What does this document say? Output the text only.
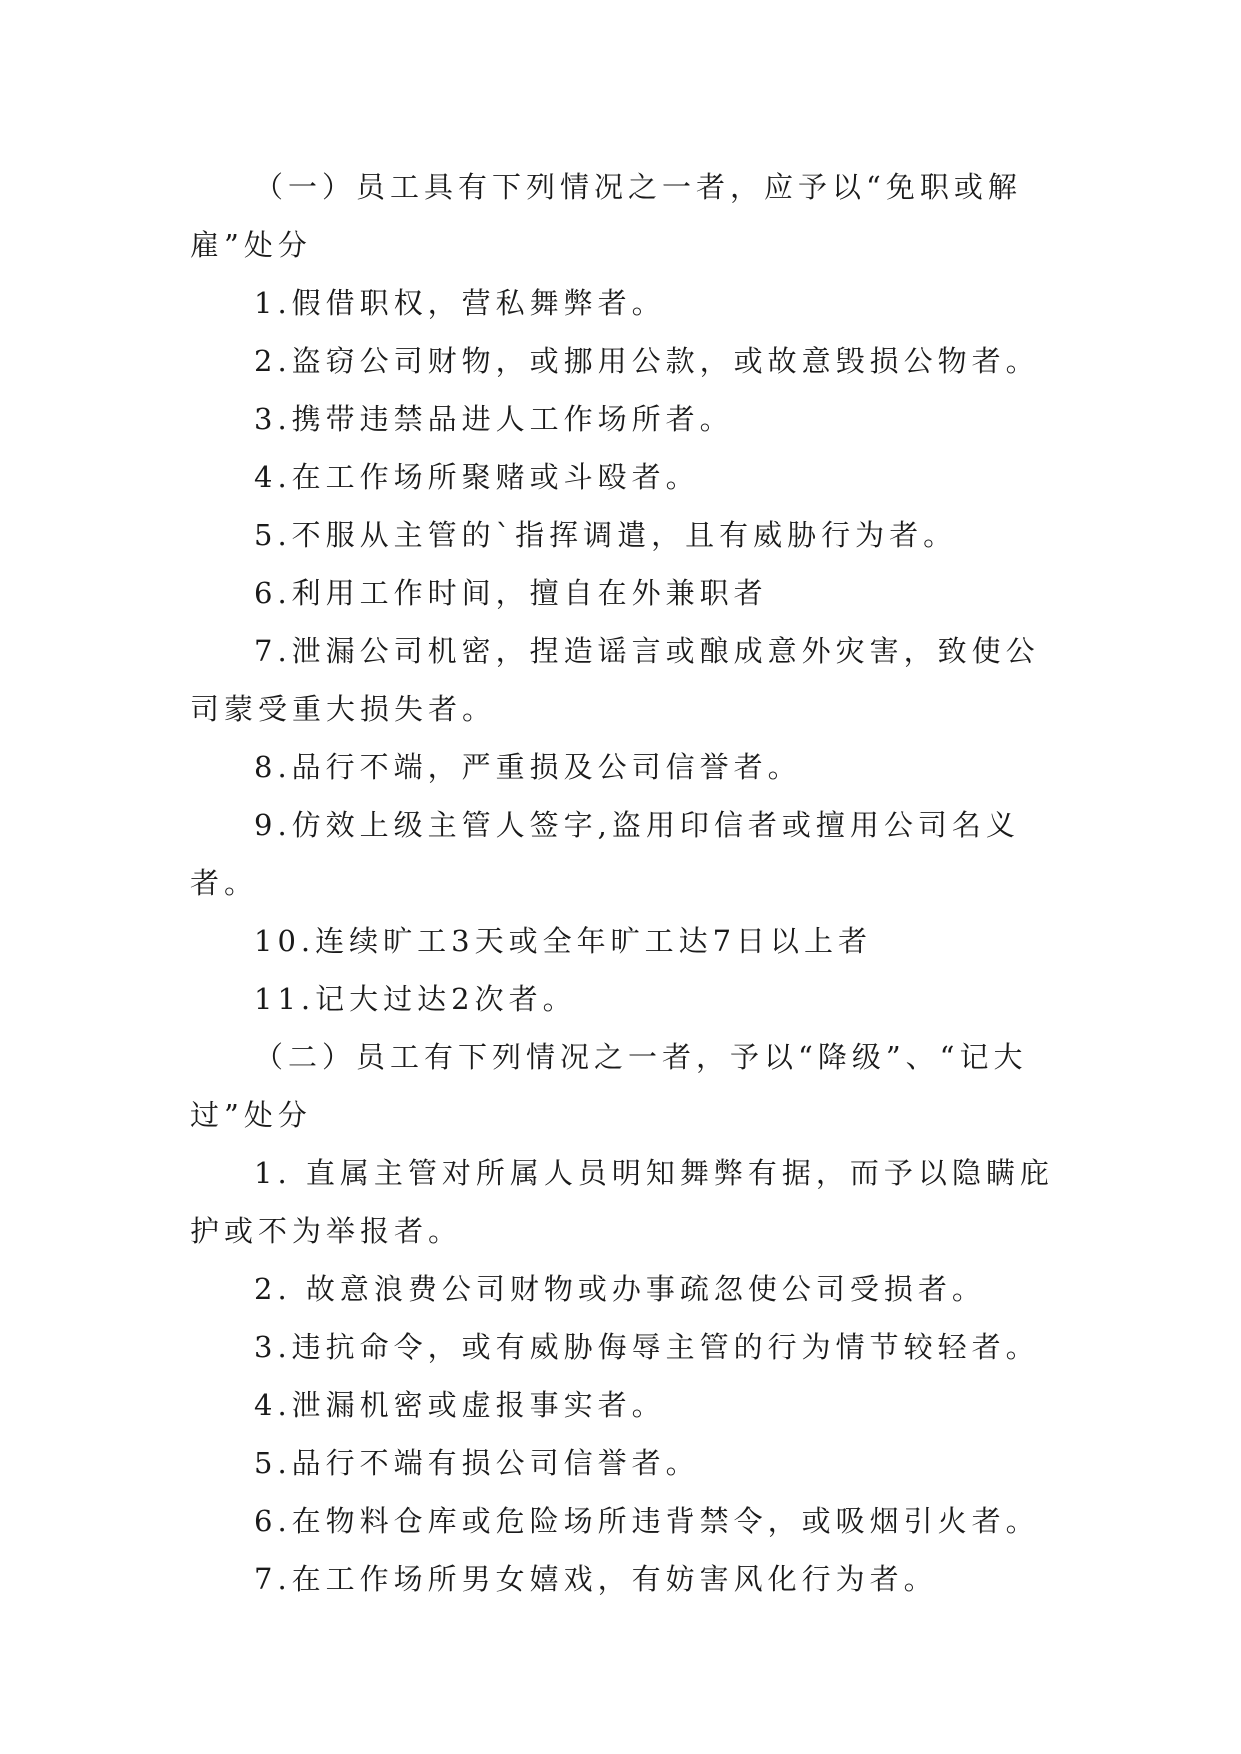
（一）员工具有下列情况之一者，应予以“免职或解雇”处分

1.假借职权，营私舞弊者。

2.盗窃公司财物，或挪用公款，或故意毁损公物者。

3.携带违禁品进人工作场所者。

4.在工作场所聚赌或斗殴者。

5.不服从主管的`指挥调遣，且有威胁行为者。

6.利用工作时间，擅自在外兼职者

7.泄漏公司机密，捏造谣言或酿成意外灾害，致使公司蒙受重大损失者。

8.品行不端，严重损及公司信誉者。

9.仿效上级主管人签字,盗用印信者或擅用公司名义者。

10.连续旷工3天或全年旷工达7日以上者

11.记大过达2次者。

（二）员工有下列情况之一者，予以“降级”、“记大过”处分

1. 直属主管对所属人员明知舞弊有据，而予以隐瞒庇护或不为举报者。

2. 故意浪费公司财物或办事疏忽使公司受损者。

3.违抗命令，或有威胁侮辱主管的行为情节较轻者。

4.泄漏机密或虚报事实者。

5.品行不端有损公司信誉者。

6.在物料仓库或危险场所违背禁令，或吸烟引火者。

7.在工作场所男女嬉戏，有妨害风化行为者。
